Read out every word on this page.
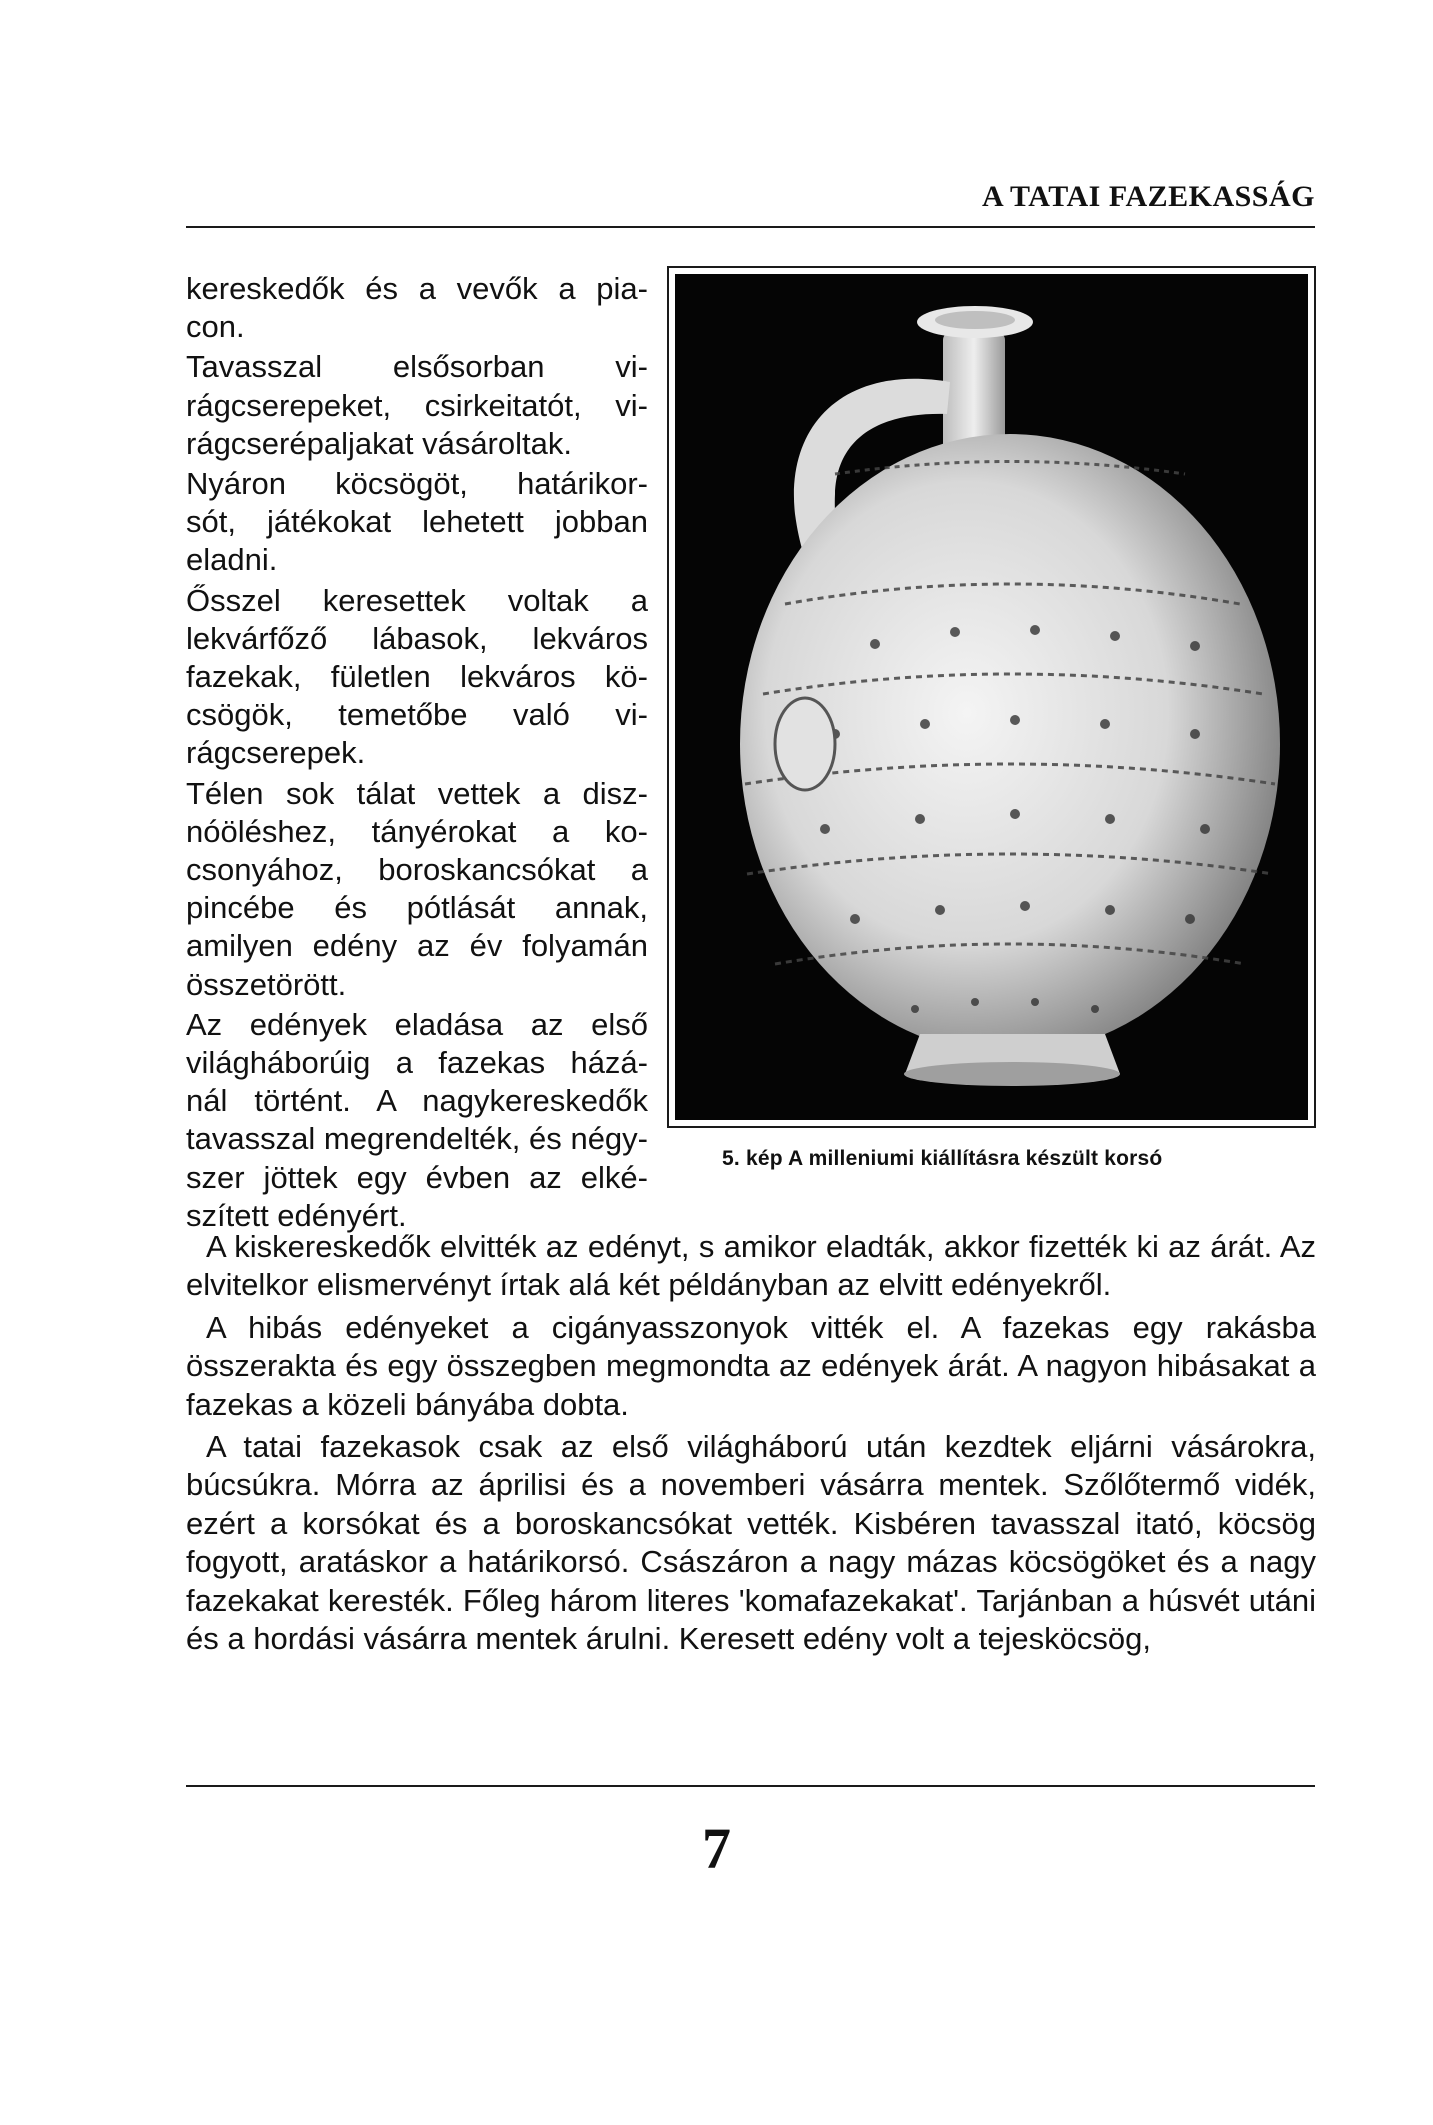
A TATAI FAZEKASSÁG

kereskedők és a vevők a pia-
con.

Tavasszal elsősorban vi-
rágcserepeket, csirkeitatót, vi-
rágcserépaljakat vásároltak.

Nyáron köcsögöt, határikor-
sót, játékokat lehetett jobban
eladni.

Ősszel keresettek voltak a
lekvárfőző lábasok, lekváros
fazekak, fületlen lekváros kö-
csögök, temetőbe való vi-
rágcserepek.

Télen sok tálat vettek a disz-
nóöléshez, tányérokat a ko-
csonyához, boroskancsókat a
pincébe és pótlását annak,
amilyen edény az év folyamán
összetörött.

Az edények eladása az első
világháborúig a fazekas házá-
nál történt. A nagykereskedők
tavasszal megrendelték, és négy-
szer jöttek egy évben az elké-
szített edényért.

5. kép A milleniumi kiállításra készült korsó

A kiskereskedők elvitték az edényt, s amikor eladták, akkor fizették ki az árát. Az elvitelkor elismervényt írtak alá két példányban az elvitt edényekről.

A hibás edényeket a cigányasszonyok vitték el. A fazekas egy rakásba összerakta és egy összegben megmondta az edények árát. A nagyon hibásakat a fazekas a közeli bányába dobta.

A tatai fazekasok csak az első világháború után kezdtek eljárni vásárokra, búcsúkra. Mórra az áprilisi és a novemberi vásárra mentek. Szőlőtermő vidék, ezért a korsókat és a boroskancsókat vették. Kisbéren tavasszal itató, köcsög fogyott, aratáskor a határikorsó. Császáron a nagy mázas köcsögöket és a nagy fazekakat keresték. Főleg három literes 'komafazekakat'. Tarjánban a húsvét utáni és a hordási vásárra mentek árulni. Keresett edény volt a tejesköcsög,

7
